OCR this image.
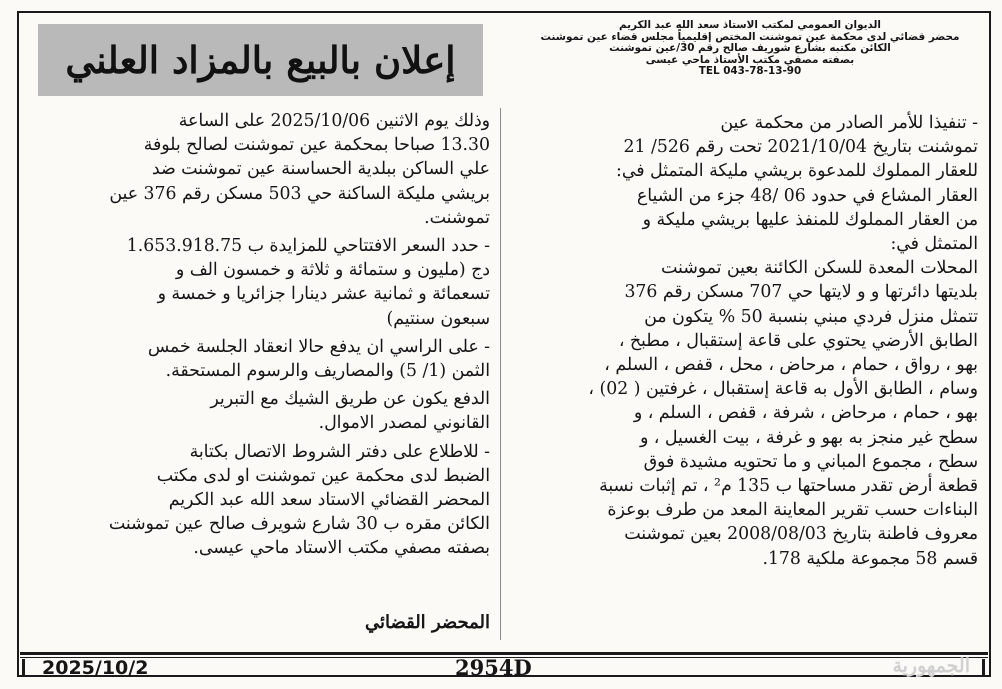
الديوان العمومي لمكتب الاستاذ سعد الله عبد الكريم
محضر قضائي لدى محكمة عين تموشنت المختص إقليمياً مجلس قضاء عين تموشنت
الكائن مكتبه بشارع شوريف صالح رقم 30/عين تموشنت
بصفته مصفي مكتب الأستاذ ماحي عيسى
TEL 043-78-13-90
إعلان بالبيع بالمزاد العلني
- تنفيذا للأمر الصادر من محكمة عين
تموشنت بتاريخ 2021/10/04 تحت رقم 526/ 21
للعقار المملوك للمدعوة بريشي مليكة المتمثل في:
العقار المشاع في حدود 06 /48 جزء من الشياع
من العقار المملوك للمنفذ عليها بريشي مليكة و
المتمثل في:
المحلات المعدة للسكن الكائنة بعين تموشنت
بلديتها دائرتها و و لايتها حي 707 مسكن رقم 376
تتمثل منزل فردي مبني بنسبة 50 % يتكون من
الطابق الأرضي يحتوي على قاعة إستقبال ، مطبخ ،
بهو ، رواق ، حمام ، مرحاض ، محل ، قفص ، السلم ،
وسام ، الطابق الأول به قاعة إستقبال ، غرفتين ( 02) ،
بهو ، حمام ، مرحاض ، شرفة ، قفص ، السلم ، و
سطح غير منجز به بهو و غرفة ، بيت الغسيل ، و
سطح ، مجموع المباني و ما تحتويه مشيدة فوق
قطعة أرض تقدر مساحتها ب 135 م² ، تم إثبات نسبة
البناءات حسب تقرير المعاينة المعد من طرف بوعزة
معروف فاطنة بتاريخ 2008/08/03 بعين تموشنت
قسم 58 مجموعة ملكية 178.
وذلك يوم الاثنين 2025/10/06 على الساعة
13.30 صباحا بمحكمة عين تموشنت لصالح بلوفة
علي الساكن ببلدية الحساسنة عين تموشنت ضد
بريشي مليكة الساكنة حي 503 مسكن رقم 376 عين
تموشنت.
- حدد السعر الافتتاحي للمزايدة ب 1.653.918.75
دج (مليون و ستمائة و ثلاثة و خمسون الف و
تسعمائة و ثمانية عشر دينارا جزائريا و خمسة و
سبعون سنتيم)
- على الراسي ان يدفع حالا انعقاد الجلسة خمس
الثمن (1/ 5) والمصاريف والرسوم المستحقة.
الدفع يكون عن طريق الشيك مع التبرير
القانوني لمصدر الاموال.
- للاطلاع على دفتر الشروط الاتصال بكتابة
الضبط لدى محكمة عين تموشنت او لدى مكتب
المحضر القضائي الاستاد سعد الله عبد الكريم
الكائن مقره ب 30 شارع شويرف صالح عين تموشنت
بصفته مصفي مكتب الاستاد ماحي عيسى.
المحضر القضائي
2025/10/2	2954D	الجمهورية
